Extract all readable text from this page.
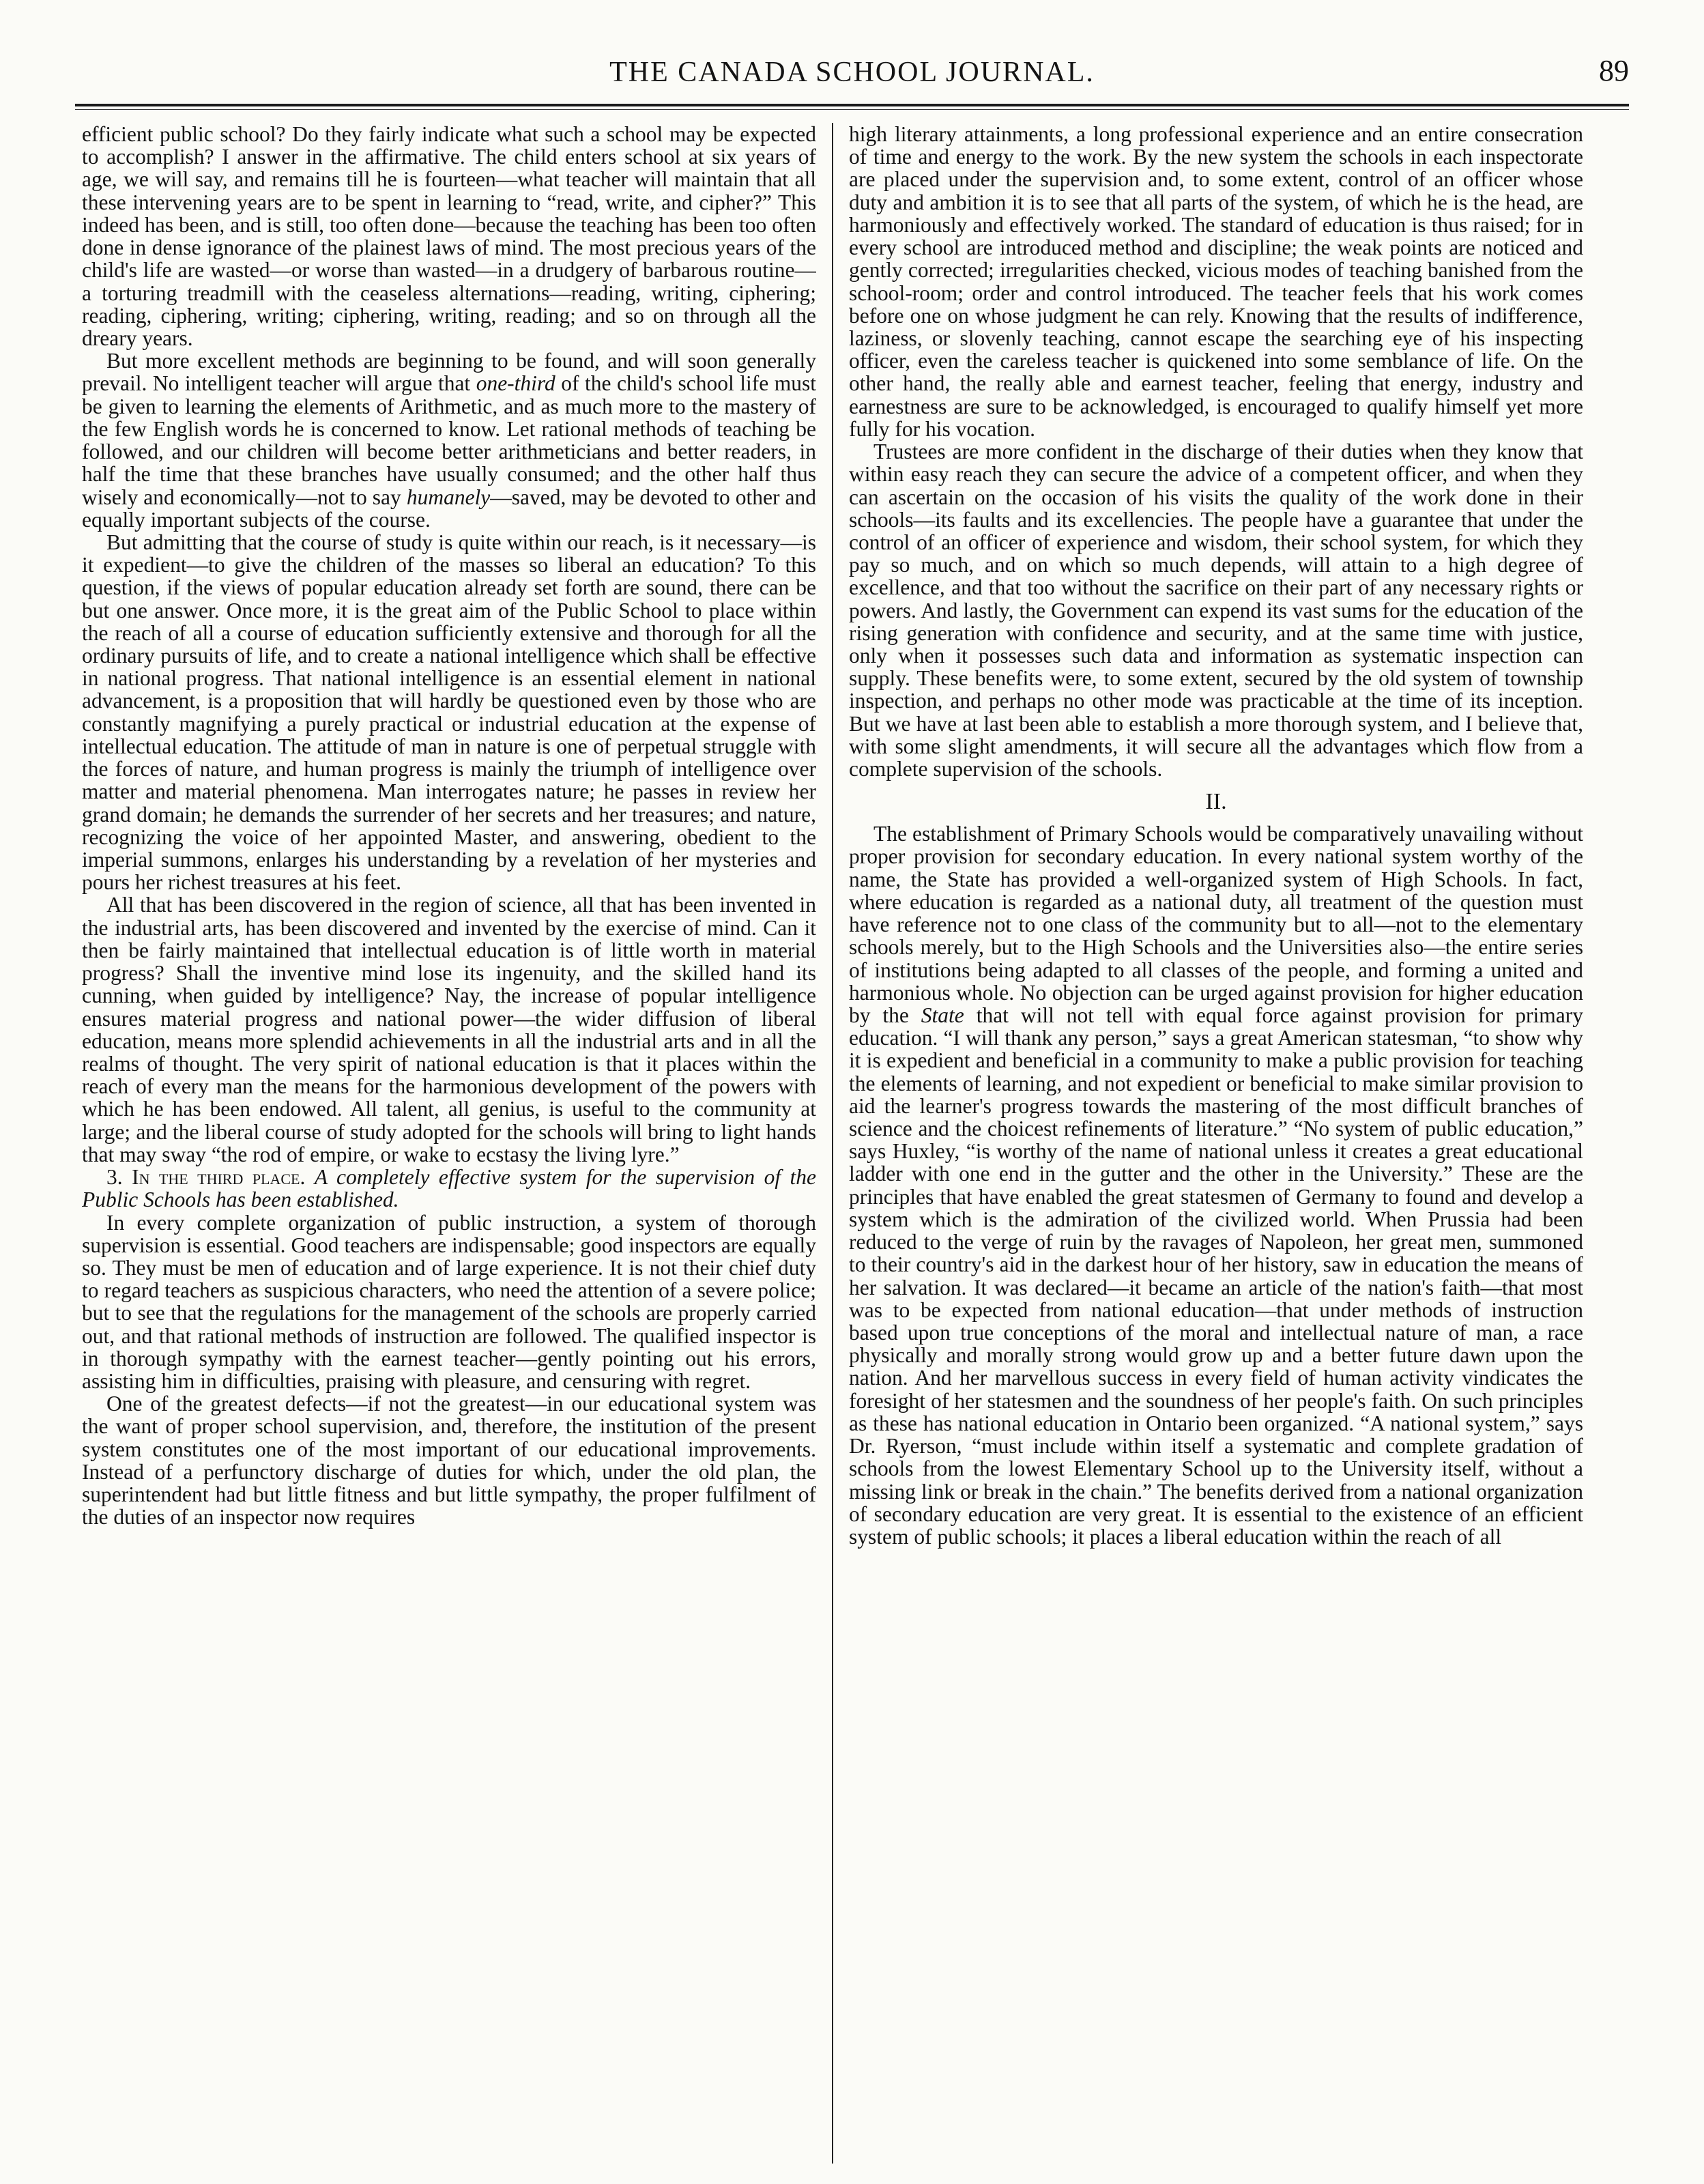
THE CANADA SCHOOL JOURNAL.	89

efficient public school? Do they fairly indicate what such a school may be expected to accomplish? I answer in the affirmative. The child enters school at six years of age, we will say, and remains till he is fourteen—what teacher will maintain that all these intervening years are to be spent in learning to “read, write, and cipher?” This indeed has been, and is still, too often done—because the teaching has been too often done in dense ignorance of the plainest laws of mind. The most precious years of the child's life are wasted—or worse than wasted—in a drudgery of barbarous routine—a torturing treadmill with the ceaseless alternations—reading, writing, ciphering; reading, ciphering, writing; ciphering, writing, reading; and so on through all the dreary years.

But more excellent methods are beginning to be found, and will soon generally prevail. No intelligent teacher will argue that one-third of the child's school life must be given to learning the elements of Arithmetic, and as much more to the mastery of the few English words he is concerned to know. Let rational methods of teaching be followed, and our children will become better arithmeticians and better readers, in half the time that these branches have usually consumed; and the other half thus wisely and economically—not to say humanely—saved, may be devoted to other and equally important subjects of the course.

But admitting that the course of study is quite within our reach, is it necessary—is it expedient—to give the children of the masses so liberal an education? To this question, if the views of popular education already set forth are sound, there can be but one answer. Once more, it is the great aim of the Public School to place within the reach of all a course of education sufficiently extensive and thorough for all the ordinary pursuits of life, and to create a national intelligence which shall be effective in national progress. That national intelligence is an essential element in national advancement, is a proposition that will hardly be questioned even by those who are constantly magnifying a purely practical or industrial education at the expense of intellectual education. The attitude of man in nature is one of perpetual struggle with the forces of nature, and human progress is mainly the triumph of intelligence over matter and material phenomena. Man interrogates nature; he passes in review her grand domain; he demands the surrender of her secrets and her treasures; and nature, recognizing the voice of her appointed Master, and answering, obedient to the imperial summons, enlarges his understanding by a revelation of her mysteries and pours her richest treasures at his feet.

All that has been discovered in the region of science, all that has been invented in the industrial arts, has been discovered and invented by the exercise of mind. Can it then be fairly maintained that intellectual education is of little worth in material progress? Shall the inventive mind lose its ingenuity, and the skilled hand its cunning, when guided by intelligence? Nay, the increase of popular intelligence ensures material progress and national power—the wider diffusion of liberal education, means more splendid achievements in all the industrial arts and in all the realms of thought. The very spirit of national education is that it places within the reach of every man the means for the harmonious development of the powers with which he has been endowed. All talent, all genius, is useful to the community at large; and the liberal course of study adopted for the schools will bring to light hands that may sway “the rod of empire, or wake to ecstasy the living lyre.”

3. In the third place. A completely effective system for the supervision of the Public Schools has been established.

In every complete organization of public instruction, a system of thorough supervision is essential. Good teachers are indispensable; good inspectors are equally so. They must be men of education and of large experience. It is not their chief duty to regard teachers as suspicious characters, who need the attention of a severe police; but to see that the regulations for the management of the schools are properly carried out, and that rational methods of instruction are followed. The qualified inspector is in thorough sympathy with the earnest teacher—gently pointing out his errors, assisting him in difficulties, praising with pleasure, and censuring with regret.

One of the greatest defects—if not the greatest—in our educational system was the want of proper school supervision, and, therefore, the institution of the present system constitutes one of the most important of our educational improvements. Instead of a perfunctory discharge of duties for which, under the old plan, the superintendent had but little fitness and but little sympathy, the proper fulfilment of the duties of an inspector now requires

high literary attainments, a long professional experience and an entire consecration of time and energy to the work. By the new system the schools in each inspectorate are placed under the supervision and, to some extent, control of an officer whose duty and ambition it is to see that all parts of the system, of which he is the head, are harmoniously and effectively worked. The standard of education is thus raised; for in every school are introduced method and discipline; the weak points are noticed and gently corrected; irregularities checked, vicious modes of teaching banished from the school-room; order and control introduced. The teacher feels that his work comes before one on whose judgment he can rely. Knowing that the results of indifference, laziness, or slovenly teaching, cannot escape the searching eye of his inspecting officer, even the careless teacher is quickened into some semblance of life. On the other hand, the really able and earnest teacher, feeling that energy, industry and earnestness are sure to be acknowledged, is encouraged to qualify himself yet more fully for his vocation.

Trustees are more confident in the discharge of their duties when they know that within easy reach they can secure the advice of a competent officer, and when they can ascertain on the occasion of his visits the quality of the work done in their schools—its faults and its excellencies. The people have a guarantee that under the control of an officer of experience and wisdom, their school system, for which they pay so much, and on which so much depends, will attain to a high degree of excellence, and that too without the sacrifice on their part of any necessary rights or powers. And lastly, the Government can expend its vast sums for the education of the rising generation with confidence and security, and at the same time with justice, only when it possesses such data and information as systematic inspection can supply. These benefits were, to some extent, secured by the old system of township inspection, and perhaps no other mode was practicable at the time of its inception. But we have at last been able to establish a more thorough system, and I believe that, with some slight amendments, it will secure all the advantages which flow from a complete supervision of the schools.

II.

The establishment of Primary Schools would be comparatively unavailing without proper provision for secondary education. In every national system worthy of the name, the State has provided a well-organized system of High Schools. In fact, where education is regarded as a national duty, all treatment of the question must have reference not to one class of the community but to all—not to the elementary schools merely, but to the High Schools and the Universities also—the entire series of institutions being adapted to all classes of the people, and forming a united and harmonious whole. No objection can be urged against provision for higher education by the State that will not tell with equal force against provision for primary education. “I will thank any person,” says a great American statesman, “to show why it is expedient and beneficial in a community to make a public provision for teaching the elements of learning, and not expedient or beneficial to make similar provision to aid the learner's progress towards the mastering of the most difficult branches of science and the choicest refinements of literature.” “No system of public education,” says Huxley, “is worthy of the name of national unless it creates a great educational ladder with one end in the gutter and the other in the University.” These are the principles that have enabled the great statesmen of Germany to found and develop a system which is the admiration of the civilized world. When Prussia had been reduced to the verge of ruin by the ravages of Napoleon, her great men, summoned to their country's aid in the darkest hour of her history, saw in education the means of her salvation. It was declared—it became an article of the nation's faith—that most was to be expected from national education—that under methods of instruction based upon true conceptions of the moral and intellectual nature of man, a race physically and morally strong would grow up and a better future dawn upon the nation. And her marvellous success in every field of human activity vindicates the foresight of her statesmen and the soundness of her people's faith. On such principles as these has national education in Ontario been organized. “A national system,” says Dr. Ryerson, “must include within itself a systematic and complete gradation of schools from the lowest Elementary School up to the University itself, without a missing link or break in the chain.” The benefits derived from a national organization of secondary education are very great. It is essential to the existence of an efficient system of public schools; it places a liberal education within the reach of all
